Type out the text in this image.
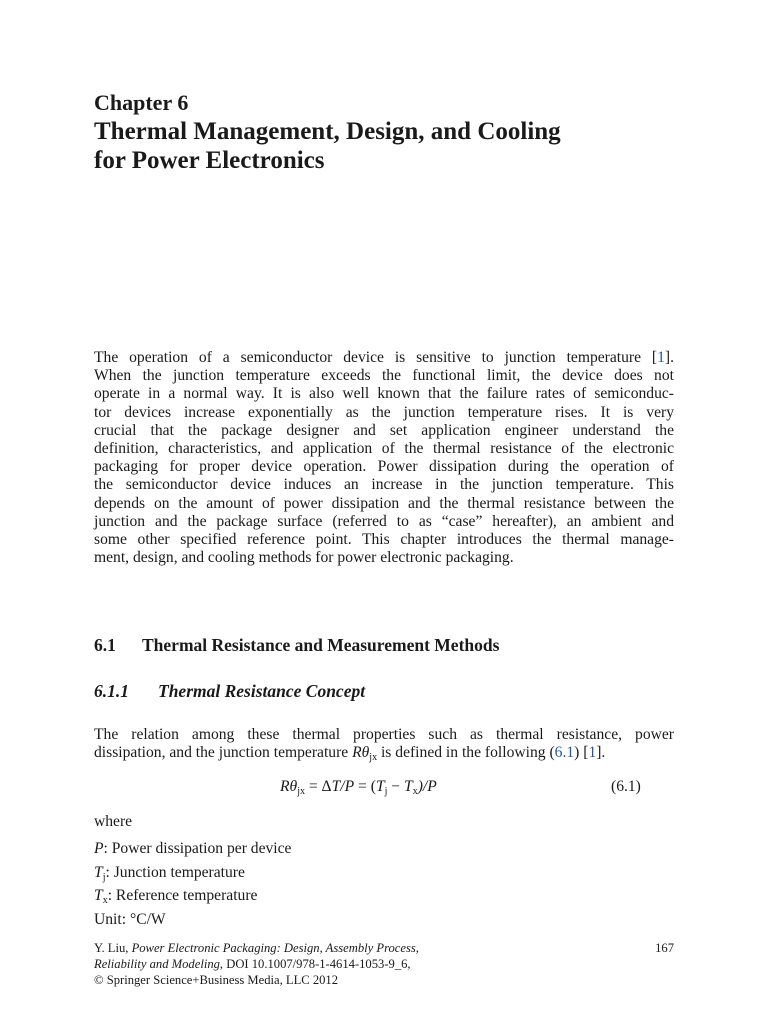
Chapter 6
Thermal Management, Design, and Cooling
for Power Electronics
The operation of a semiconductor device is sensitive to junction temperature [1].
When the junction temperature exceeds the functional limit, the device does not
operate in a normal way. It is also well known that the failure rates of semiconduc-
tor devices increase exponentially as the junction temperature rises. It is very
crucial that the package designer and set application engineer understand the
definition, characteristics, and application of the thermal resistance of the electronic
packaging for proper device operation. Power dissipation during the operation of
the semiconductor device induces an increase in the junction temperature. This
depends on the amount of power dissipation and the thermal resistance between the
junction and the package surface (referred to as “case” hereafter), an ambient and
some other specified reference point. This chapter introduces the thermal manage-
ment, design, and cooling methods for power electronic packaging.
6.1 Thermal Resistance and Measurement Methods
6.1.1 Thermal Resistance Concept
The relation among these thermal properties such as thermal resistance, power
dissipation, and the junction temperature $R\theta_{jx}$ is defined in the following (6.1) [1].
$R\theta_{jx} = \Delta T/P = (T_j - T_x)/P$	(6.1)
where
P: Power dissipation per device
$T_j$: Junction temperature
$T_x$: Reference temperature
Unit: °C/W
Y. Liu, Power Electronic Packaging: Design, Assembly Process,
Reliability and Modeling, DOI 10.1007/978-1-4614-1053-9_6,
© Springer Science+Business Media, LLC 2012
167
